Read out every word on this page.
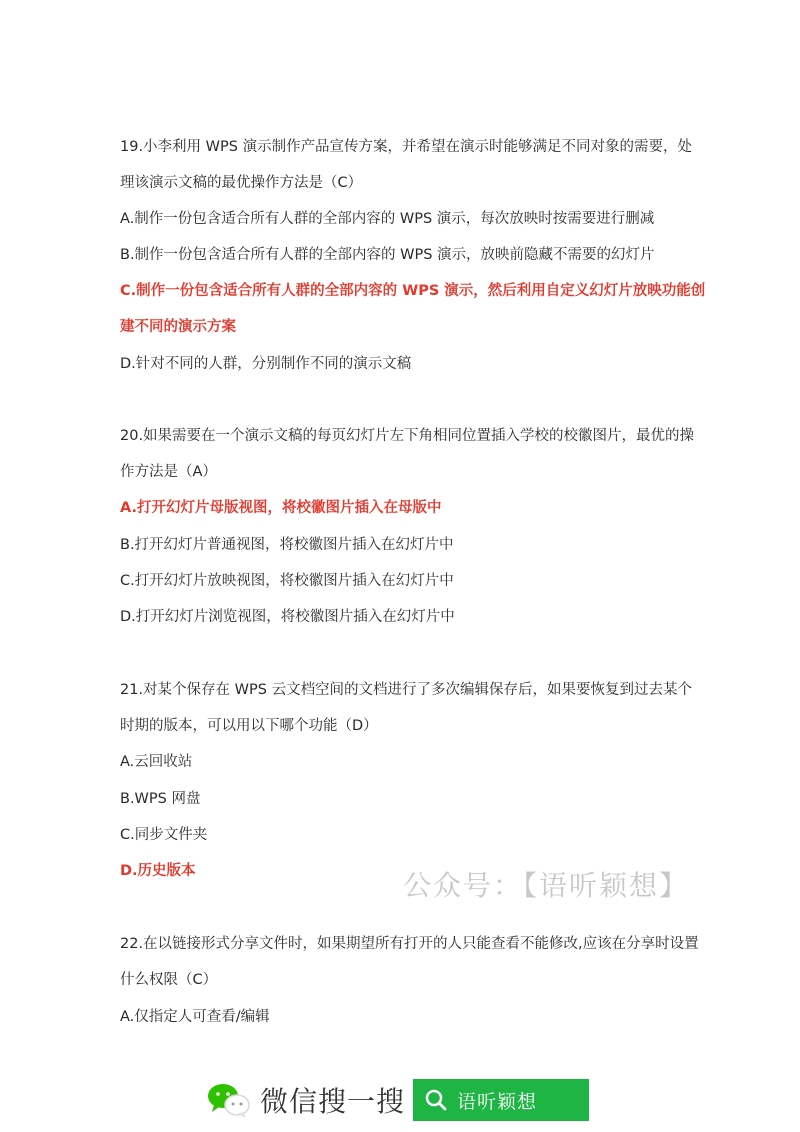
19.小李利用 WPS 演示制作产品宣传方案，并希望在演示时能够满足不同对象的需要，处

理该演示文稿的最优操作方法是（C）

A.制作一份包含适合所有人群的全部内容的 WPS 演示，每次放映时按需要进行删减

B.制作一份包含适合所有人群的全部内容的 WPS 演示，放映前隐藏不需要的幻灯片

C.制作一份包含适合所有人群的全部内容的 WPS 演示，然后利用自定义幻灯片放映功能创

建不同的演示方案

D.针对不同的人群，分别制作不同的演示文稿

20.如果需要在一个演示文稿的每页幻灯片左下角相同位置插入学校的校徽图片，最优的操

作方法是（A）

A.打开幻灯片母版视图，将校徽图片插入在母版中

B.打开幻灯片普通视图，将校徽图片插入在幻灯片中

C.打开幻灯片放映视图，将校徽图片插入在幻灯片中

D.打开幻灯片浏览视图，将校徽图片插入在幻灯片中

21.对某个保存在 WPS 云文档空间的文档进行了多次编辑保存后，如果要恢复到过去某个

时期的版本，可以用以下哪个功能（D）

A.云回收站

B.WPS 网盘

C.同步文件夹

D.历史版本	公众号：【语听颖想】

22.在以链接形式分享文件时，如果期望所有打开的人只能查看不能修改,应该在分享时设置

什么权限（C）

A.仅指定人可查看/编辑

微信搜一搜	语听颖想
